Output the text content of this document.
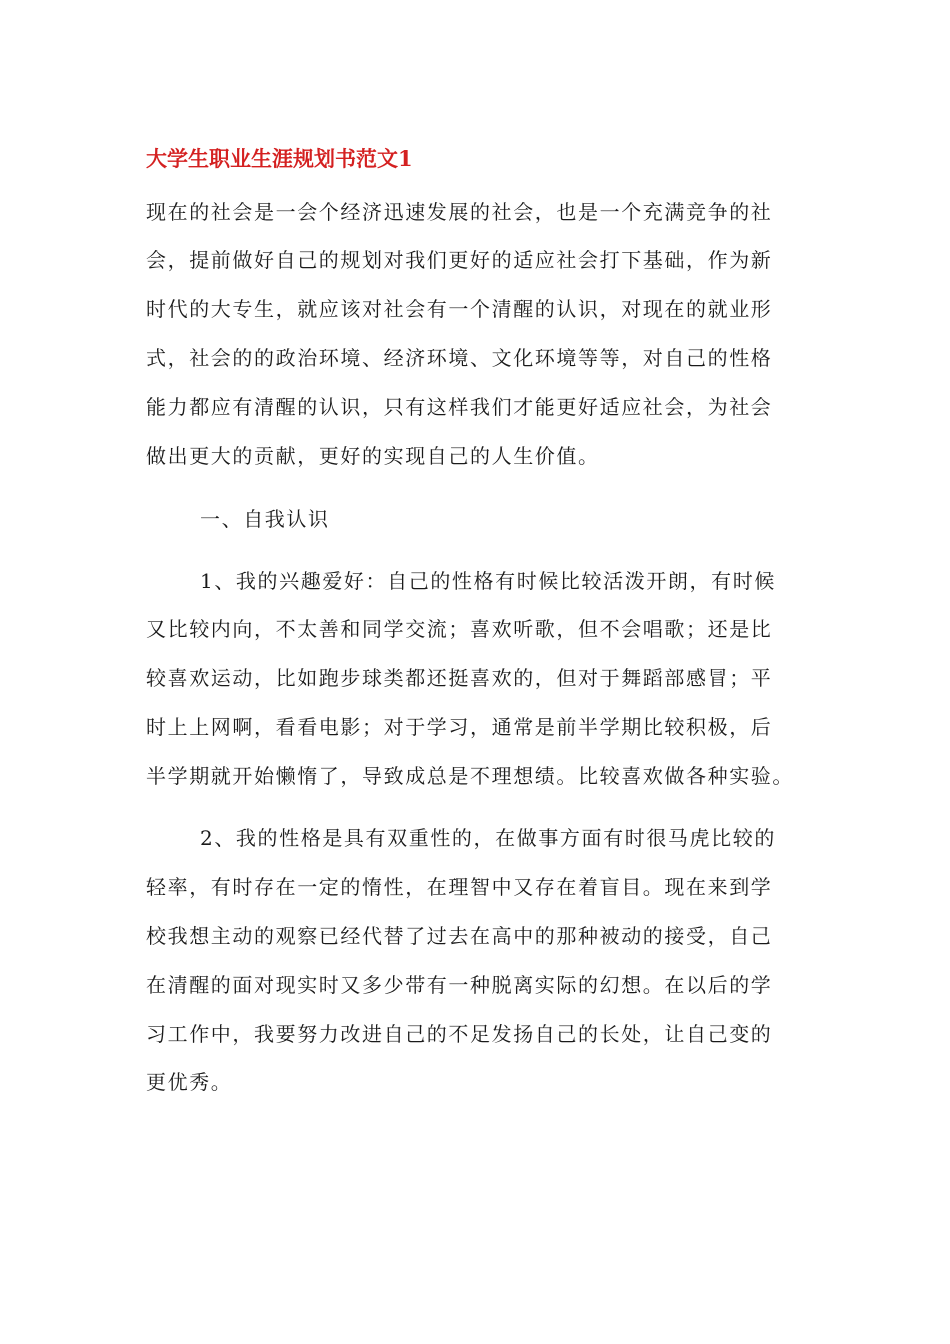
大学生职业生涯规划书范文1

现在的社会是一会个经济迅速发展的社会，也是一个充满竞争的社

会，提前做好自己的规划对我们更好的适应社会打下基础，作为新

时代的大专生，就应该对社会有一个清醒的认识，对现在的就业形

式，社会的的政治环境、经济环境、文化环境等等，对自己的性格

能力都应有清醒的认识，只有这样我们才能更好适应社会，为社会

做出更大的贡献，更好的实现自己的人生价值。

一、自我认识

1、我的兴趣爱好：自己的性格有时候比较活泼开朗，有时候

又比较内向，不太善和同学交流；喜欢听歌，但不会唱歌；还是比

较喜欢运动，比如跑步球类都还挺喜欢的，但对于舞蹈部感冒；平

时上上网啊，看看电影；对于学习，通常是前半学期比较积极，后

半学期就开始懒惰了，导致成总是不理想绩。比较喜欢做各种实验。

2、我的性格是具有双重性的，在做事方面有时很马虎比较的

轻率，有时存在一定的惰性，在理智中又存在着盲目。现在来到学

校我想主动的观察已经代替了过去在高中的那种被动的接受，自己

在清醒的面对现实时又多少带有一种脱离实际的幻想。在以后的学

习工作中，我要努力改进自己的不足发扬自己的长处，让自己变的

更优秀。
